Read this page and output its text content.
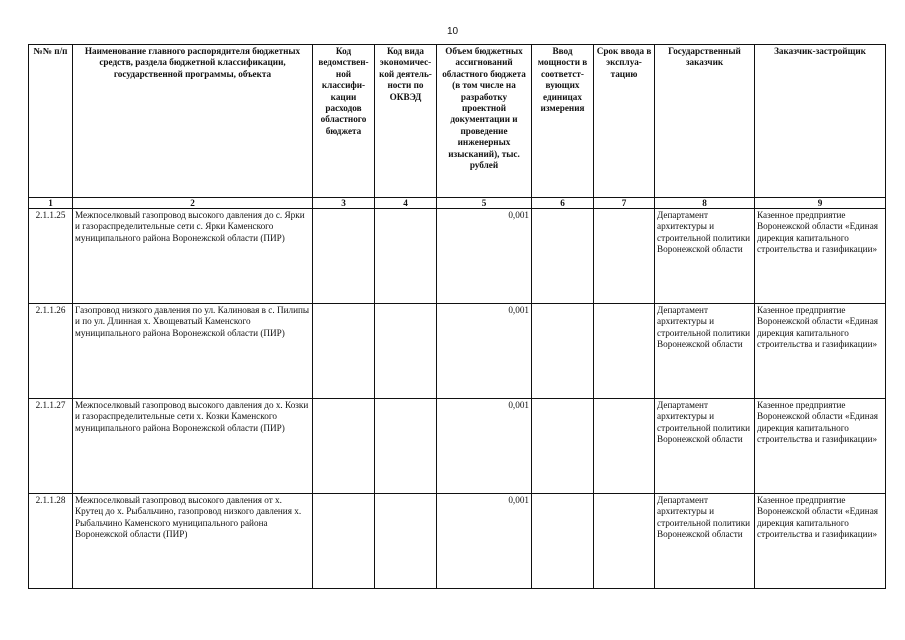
10
№№ п/п	Наименование главного распорядителя бюджетных средств, раздела бюджетной классификации, государственной программы, объекта	Код ведомствен-ной классифи-кации расходов областного бюджета	Код вида экономичес-кой деятель-ности по ОКВЭД	Объем бюджетных ассигнований областного бюджета (в том числе на разработку проектной документации и проведение инженерных изысканий), тыс. рублей	Ввод мощности в соответст-вующих единицах измерения	Срок ввода в эксплуа-тацию	Государственный заказчик	Заказчик-застройщик
1	2	3	4	5	6	7	8	9
2.1.1.25	Межпоселковый газопровод высокого давления до с. Ярки и газораспределительные сети с. Ярки Каменского муниципального района Воронежской области (ПИР)			0,001			Департамент архитектуры и строительной политики Воронежской области	Казенное предприятие Воронежской области «Единая дирекция капитального строительства и газификации»
2.1.1.26	Газопровод низкого давления по ул. Калиновая в с. Пилипы и по ул. Длинная х. Хвощеватый Каменского муниципального района Воронежской области (ПИР)			0,001			Департамент архитектуры и строительной политики Воронежской области	Казенное предприятие Воронежской области «Единая дирекция капитального строительства и газификации»
2.1.1.27	Межпоселковый газопровод высокого давления до х. Козки и газораспределительные сети х. Козки Каменского муниципального района Воронежской области (ПИР)			0,001			Департамент архитектуры и строительной политики Воронежской области	Казенное предприятие Воронежской области «Единая дирекция капитального строительства и газификации»
2.1.1.28	Межпоселковый газопровод высокого давления от х. Крутец до х. Рыбальчино, газопровод низкого давления х. Рыбальчино Каменского муниципального района Воронежской области (ПИР)			0,001			Департамент архитектуры и строительной политики Воронежской области	Казенное предприятие Воронежской области «Единая дирекция капитального строительства и газификации»
